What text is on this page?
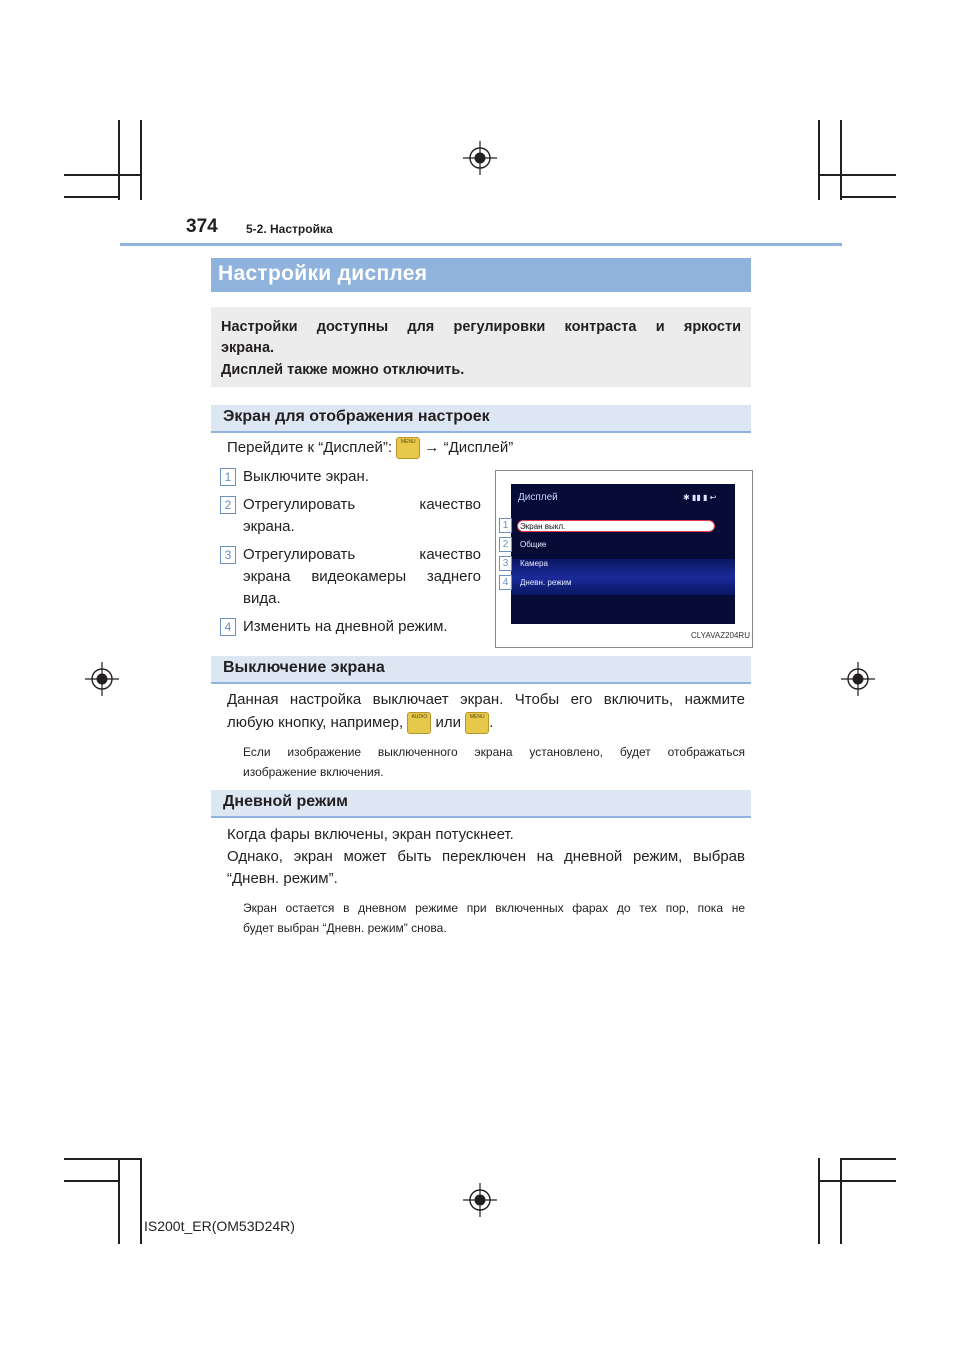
374 5-2. Настройка
Настройки дисплея

Настройки доступны для регулировки контраста и яркости

экрана.

Дисплей также можно отключить.

Экран для отображения настроек
Перейдите к “Дисплей”: MENU → “Дисплей”
1 Выключите экран.
2 Отрегулировать качество
экрана.
3 Отрегулировать качество
экрана видеокамеры заднего
вида.
4 Изменить на дневной режим.
Дисплей	✱ ▮▮ ▮ ↩
Экран выкл.
Общие
Камера
Дневн. режим
1
2
3
4
CLYAVAZ204RU
Выключение экрана
Данная настройка выключает экран. Чтобы его включить, нажмите
любую кнопку, например, AUDIO или MENU .
Если изображение выключенного экрана установлено, будет отображаться
изображение включения.
Дневной режим
Когда фары включены, экран потускнеет.
Однако, экран может быть переключен на дневной режим, выбрав
“Дневн. режим”.
Экран остается в дневном режиме при включенных фарах до тех пор, пока не
будет выбран “Дневн. режим” снова.
IS200t_ER(OM53D24R)
